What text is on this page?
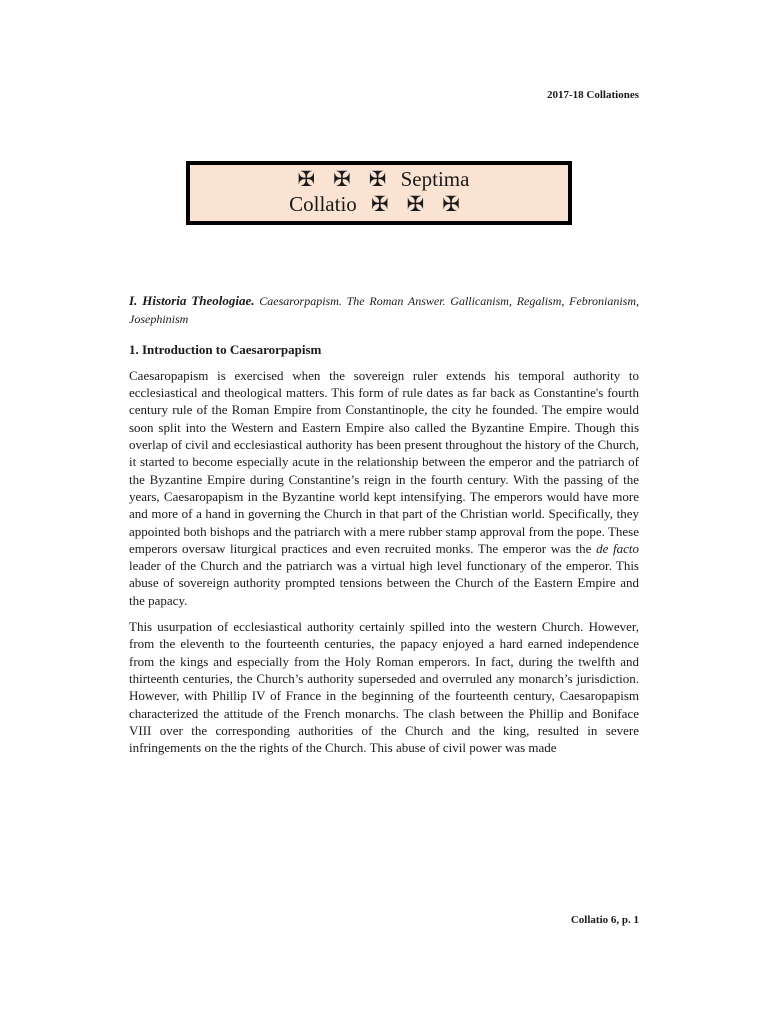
2017-18 Collationes
✠ ✠ ✠ Septima
Collatio ✠ ✠ ✠
I. Historia Theologiae. Caesarorpapism. The Roman Answer. Gallicanism, Regalism, Febronianism, Josephinism
1. Introduction to Caesarorpapism

Caesaropapism is exercised when the sovereign ruler extends his temporal authority to ecclesiastical and theological matters. This form of rule dates as far back as Constantine's fourth century rule of the Roman Empire from Constantinople, the city he founded. The empire would soon split into the Western and Eastern Empire also called the Byzantine Empire. Though this overlap of civil and ecclesiastical authority has been present throughout the history of the Church, it started to become especially acute in the relationship between the emperor and the patriarch of the Byzantine Empire during Constantine’s reign in the fourth century. With the passing of the years, Caesaropapism in the Byzantine world kept intensifying. The emperors would have more and more of a hand in governing the Church in that part of the Christian world. Specifically, they appointed both bishops and the patriarch with a mere rubber stamp approval from the pope. These emperors oversaw liturgical practices and even recruited monks. The emperor was the de facto leader of the Church and the patriarch was a virtual high level functionary of the emperor. This abuse of sovereign authority prompted tensions between the Church of the Eastern Empire and the papacy.

This usurpation of ecclesiastical authority certainly spilled into the western Church. However, from the eleventh to the fourteenth centuries, the papacy enjoyed a hard earned independence from the kings and especially from the Holy Roman emperors. In fact, during the twelfth and thirteenth centuries, the Church’s authority superseded and overruled any monarch’s jurisdiction. However, with Phillip IV of France in the beginning of the fourteenth century, Caesaropapism characterized the attitude of the French monarchs. The clash between the Phillip and Boniface VIII over the corresponding authorities of the Church and the king, resulted in severe infringements on the the rights of the Church. This abuse of civil power was made

Collatio 6, p. 1
